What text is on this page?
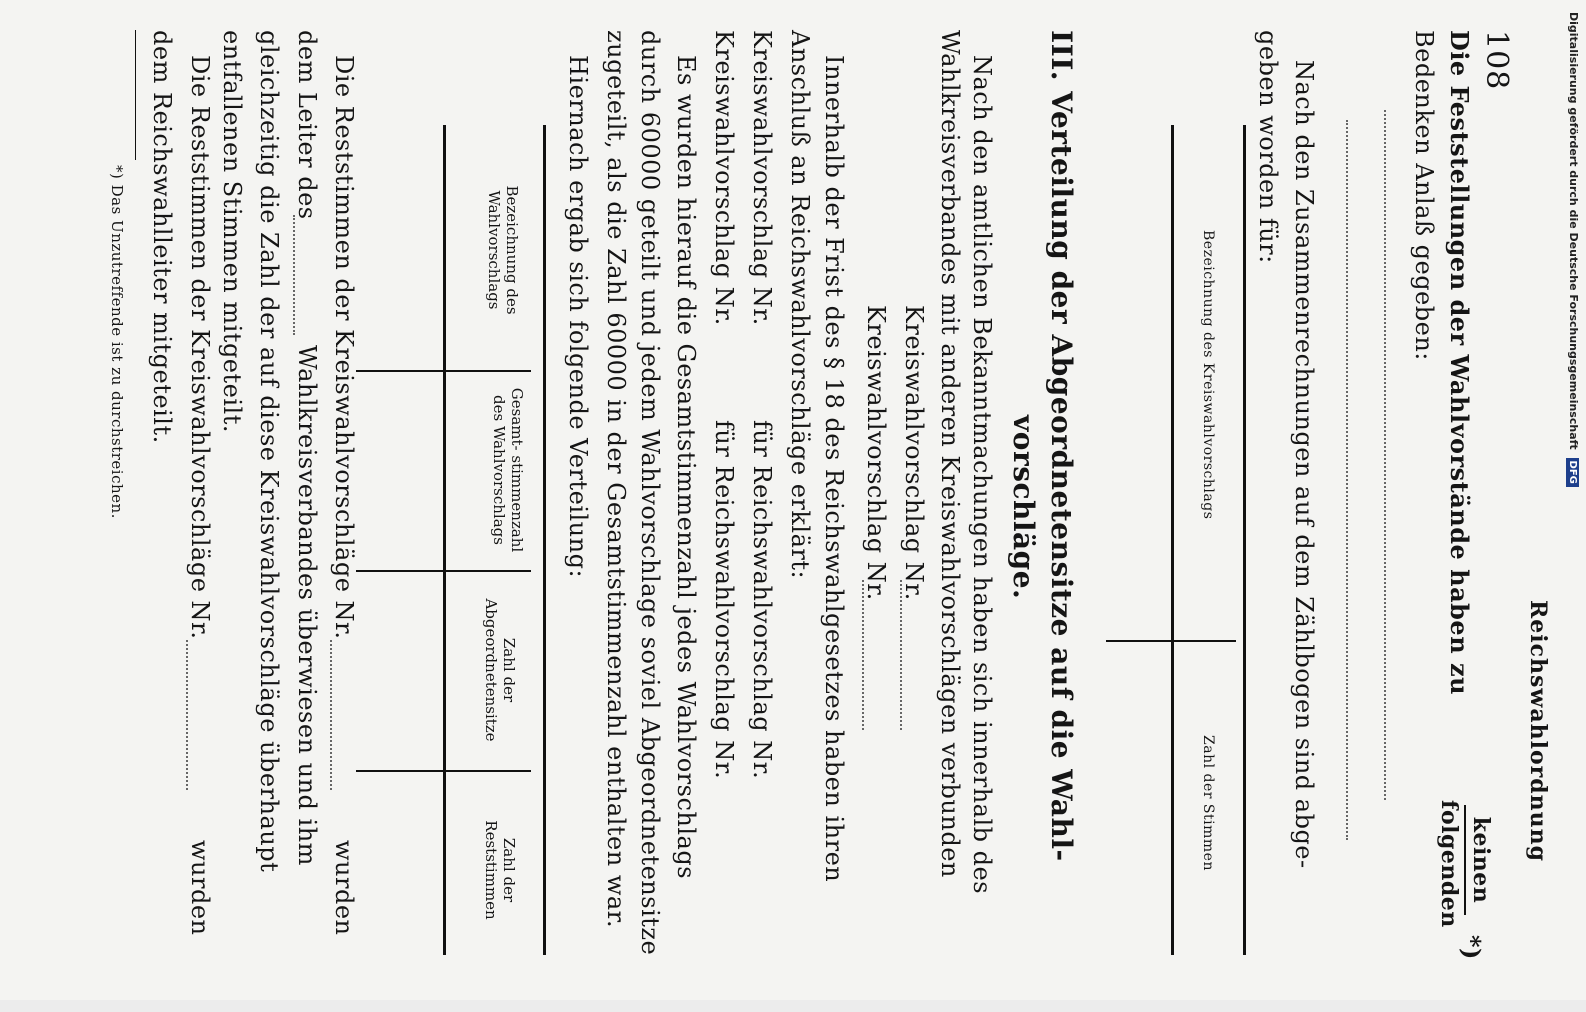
108
Reichswahlordnung
Die Feststellungen der Wahlvorstände haben zu
keinen
folgenden
*)
Bedenken Anlaß gegeben:
Nach den Zusammenrechnungen auf dem Zählbogen sind abge-
geben worden für:
Bezeichnung des Kreiswahlvorschlags
Zahl der Stimmen
III. Verteilung der Abgeordnetensitze auf die Wahl-
vorschläge.
Nach den amtlichen Bekanntmachungen haben sich innerhalb des
Wahlkreisverbandes mit anderen Kreiswahlvorschlägen verbunden
Kreiswahlvorschlag Nr.
Kreiswahlvorschlag Nr.
Innerhalb der Frist des § 18 des Reichswahlgesetzes haben ihren
Anschluß an Reichswahlvorschläge erklärt:
Kreiswahlvorschlag Nr.
für Reichswahlvorschlag Nr.
Kreiswahlvorschlag Nr.
für Reichswahlvorschlag Nr.
Es wurden hierauf die Gesamtstimmenzahl jedes Wahlvorschlags
durch 60000 geteilt und jedem Wahlvorschlage soviel Abgeordnetensitze
zugeteilt, als die Zahl 60000 in der Gesamtstimmenzahl enthalten war.
Hiernach ergab sich folgende Verteilung:
Bezeichnung des Wahlvorschlags
Gesamt- stimmenzahl des Wahlvorschlags
Zahl der Abgeordnetensitze
Zahl der Reststimmen
Die Reststimmen der Kreiswahlvorschläge Nr.
wurden
dem Leiter des
Wahlkreisverbandes überwiesen und ihm
gleichzeitig die Zahl der auf diese Kreiswahlvorschläge überhaupt
entfallenen Stimmen mitgeteilt.
Die Reststimmen der Kreiswahlvorschläge Nr.
wurden
dem Reichswahlleiter mitgeteilt.
*) Das Unzutreffende ist zu durchstreichen.	Digitalisierung gefördert durch die Deutsche Forschungsgemeinschaft DFG
